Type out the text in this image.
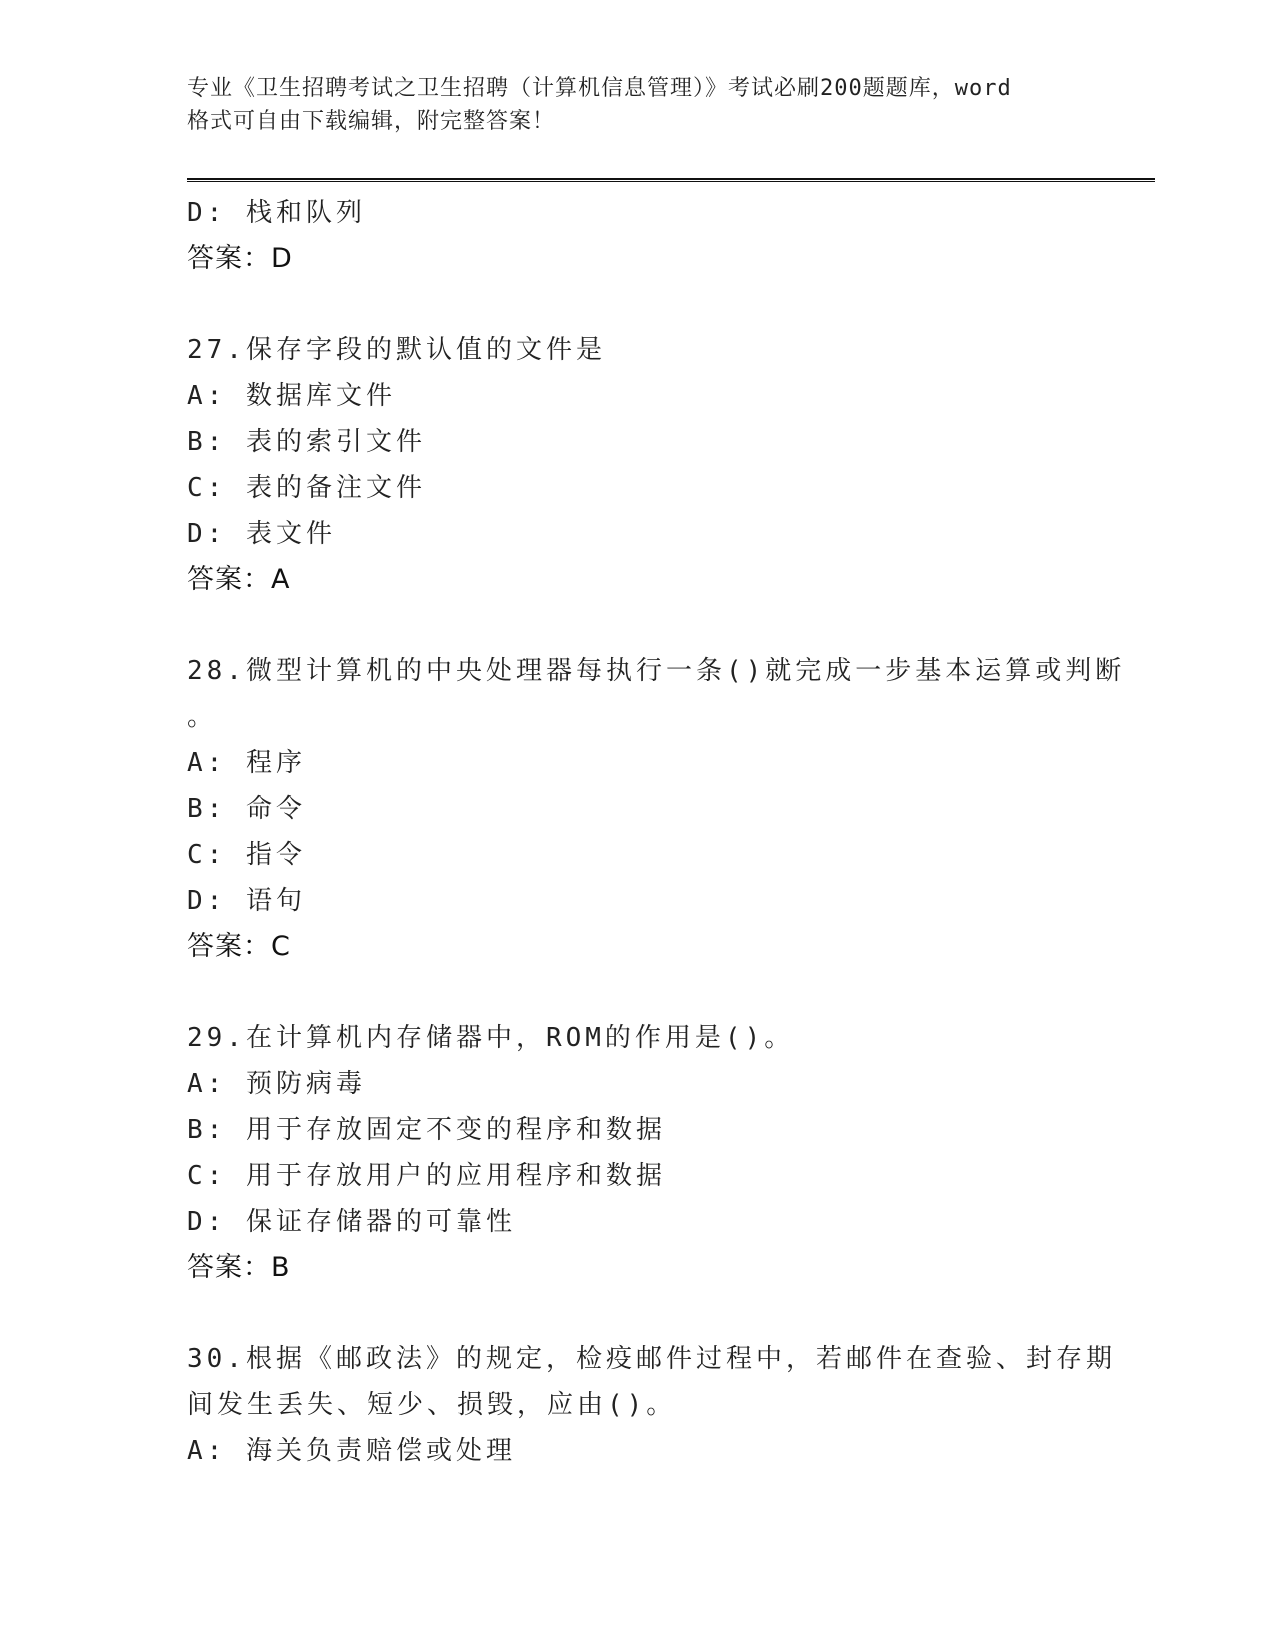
专业《卫生招聘考试之卫生招聘（计算机信息管理）》考试必刷200题题库，word
格式可自由下载编辑，附完整答案！
D: 栈和队列
答案：D
27.保存字段的默认值的文件是
A: 数据库文件
B: 表的索引文件
C: 表的备注文件
D: 表文件
答案：A
28.微型计算机的中央处理器每执行一条()就完成一步基本运算或判断
。
A: 程序
B: 命令
C: 指令
D: 语句
答案：C
29.在计算机内存储器中，ROM的作用是()。
A: 预防病毒
B: 用于存放固定不变的程序和数据
C: 用于存放用户的应用程序和数据
D: 保证存储器的可靠性
答案：B
30.根据《邮政法》的规定，检疫邮件过程中，若邮件在查验、封存期
间发生丢失、短少、损毁，应由()。
A: 海关负责赔偿或处理
